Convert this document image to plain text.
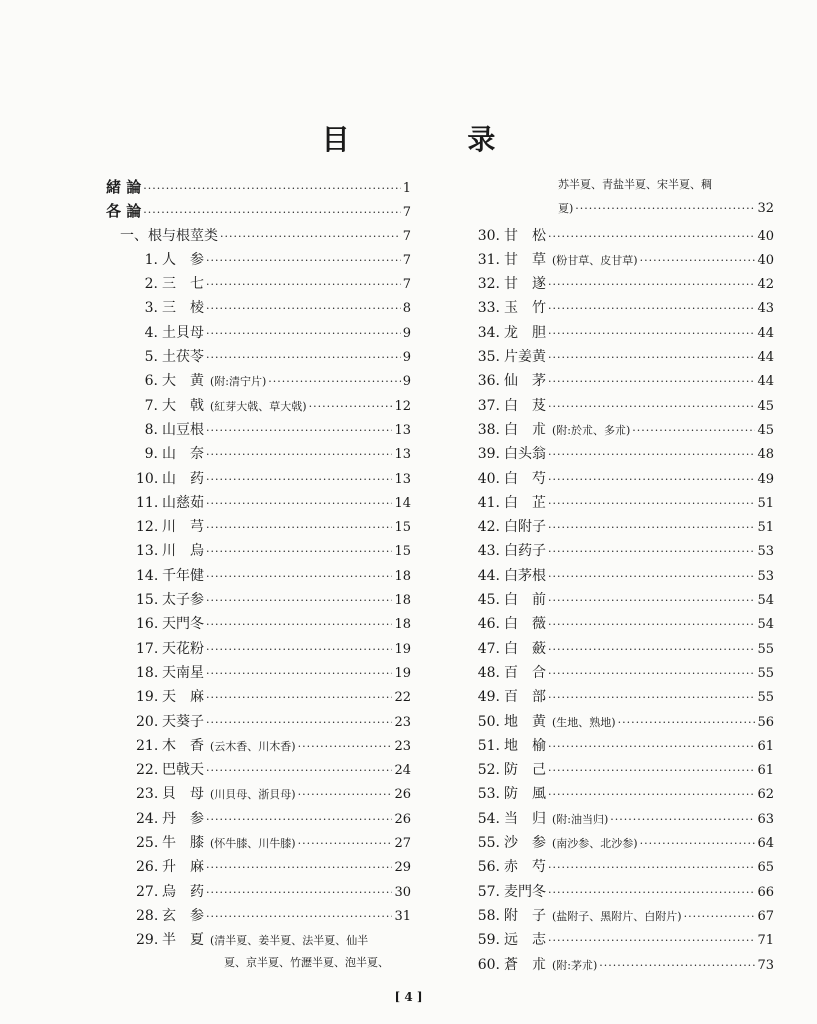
目 录
緒 論 ·····	1
各 論 ·····	7
一、根与根莖类 ·····	7
1. 人　参 ·····	7
2. 三　七 ·····	7
3. 三　棱 ·····	8
4. 土貝母 ·····	9
5. 土茯苓 ·····	9
6. 大　黄 (附:清宁片) ·····	9
7. 大　戟 (紅芽大戟、草大戟) ·····	12
8. 山豆根 ·····	13
9. 山　奈 ·····	13
10. 山　药 ·····	13
11. 山慈茹 ·····	14
12. 川　芎 ·····	15
13. 川　烏 ·····	15
14. 千年健 ·····	18
15. 太子参 ·····	18
16. 天門冬 ·····	18
17. 天花粉 ·····	19
18. 天南星 ·····	19
19. 天　麻 ·····	22
20. 天葵子 ·····	23
21. 木　香 (云木香、川木香) ·····	23
22. 巴戟天 ·····	24
23. 貝　母 (川貝母、浙貝母) ·····	26
24. 丹　参 ·····	26
25. 牛　膝 (怀牛膝、川牛膝) ·····	27
26. 升　麻 ·····	29
27. 烏　药 ·····	30
28. 玄　参 ·····	31
29. 半　夏 (清半夏、姜半夏、法半夏、仙半
夏、京半夏、竹瀝半夏、泡半夏、
苏半夏、青盐半夏、宋半夏、稠
夏) ·····	32
30. 甘　松 ·····	40
31. 甘　草 (粉甘草、皮甘草) ·····	40
32. 甘　遂 ·····	42
33. 玉　竹 ·····	43
34. 龙　胆 ·····	44
35. 片姜黄 ·····	44
36. 仙　茅 ·····	44
37. 白　芨 ·····	45
38. 白　朮 (附:於朮、多朮) ·····	45
39. 白头翁 ·····	48
40. 白　芍 ·····	49
41. 白　芷 ·····	51
42. 白附子 ·····	51
43. 白药子 ·····	53
44. 白茅根 ·····	53
45. 白　前 ·····	54
46. 白　薇 ·····	54
47. 白　蘞 ·····	55
48. 百　合 ·····	55
49. 百　部 ·····	55
50. 地　黄 (生地、熟地) ·····	56
51. 地　榆 ·····	61
52. 防　己 ·····	61
53. 防　風 ·····	62
54. 当　归 (附:油当归) ·····	63
55. 沙　参 (南沙参、北沙参) ·····	64
56. 赤　芍 ·····	65
57. 麦門冬 ·····	66
58. 附　子 (盐附子、黑附片、白附片) ·····	67
59. 远　志 ·····	71
60. 蒼　朮 (附:茅朮) ·····	73
[ 4 ]
